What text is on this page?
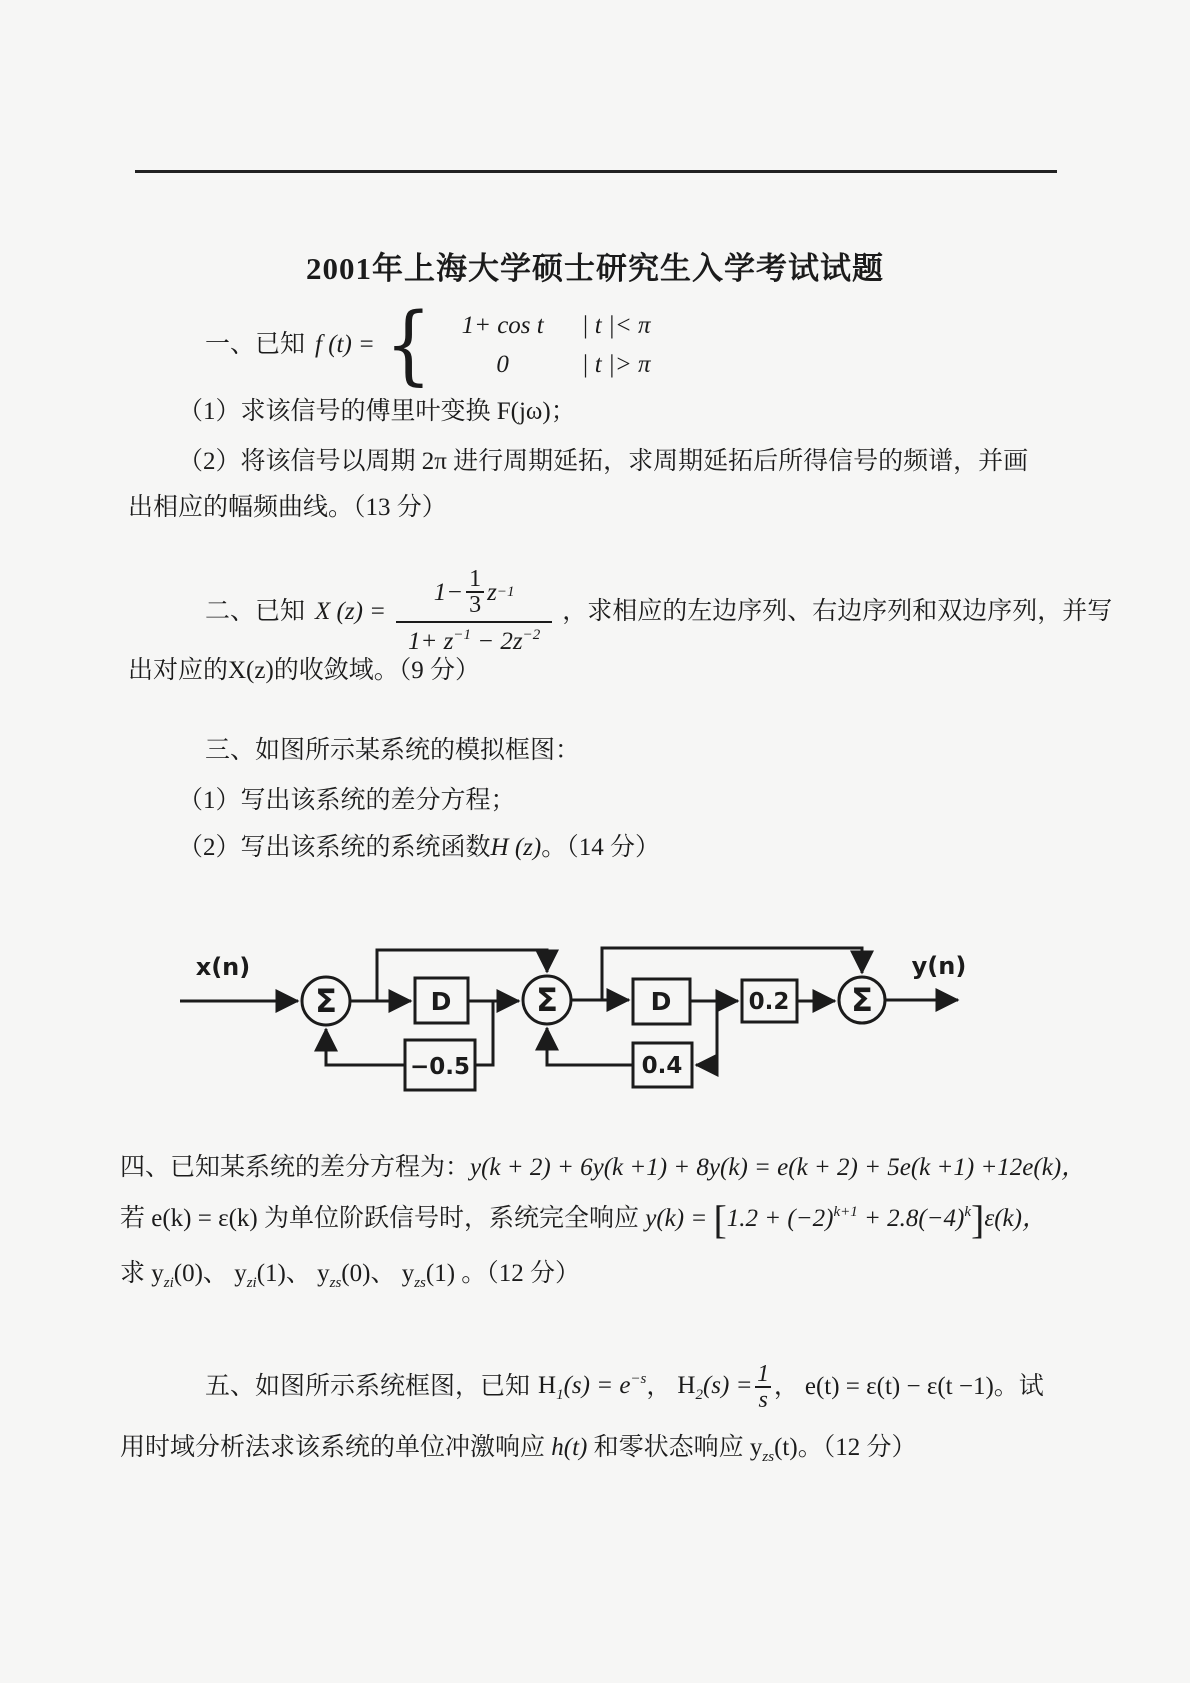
2001年上海大学硕士研究生入学考试试题
一、已知 f (t) = {	1+ cos t	| t |< π
0	| t |> π
（1）求该信号的傅里叶变换 F(jω)；
（2）将该信号以周期 2π 进行周期延拓，求周期延拓后所得信号的频谱，并画
出相应的幅频曲线。（13 分）
二、已知 X $(z) = \frac{1- \frac{1}{3} z -1}{1+ z^{-1} - 2z^{-2}}$ ，求相应的左边序列、右边序列和双边序列，并写
出对应的X(z)的收敛域。（9 分）
三、如图所示某系统的模拟框图：
（1）写出该系统的差分方程；
（2）写出该系统的系统函数H (z)。（14 分）
x(n)	y(n)
Σ	Σ	Σ
D	D
−0.5
0.2
0.4
四、已知某系统的差分方程为：y(k + 2) + 6y(k +1) + 8y(k) = e(k + 2) + 5e(k +1) +12e(k)，
若 e(k) = ε(k) 为单位阶跃信号时，系统完全响应 $y(k) = [1.2 + (-2)^{k+1} + 2.8(-4)^k]\varepsilon(k)$，
求 $y_{zi}(0)$、 $y_{zi}(1)$、 $y_{zs}(0)$、 $y_{zs}(1)$ 。（12 分）
五、如图所示系统框图，已知 $H_1(s) = e^{-s}$ ， $H_2(s) = \frac{1}{s}$ ， e(t) = ε(t) − ε(t −1) 。试
用时域分析法求该系统的单位冲激响应 h(t) 和零状态响应 $y_{zs}(t)$。（12 分）
